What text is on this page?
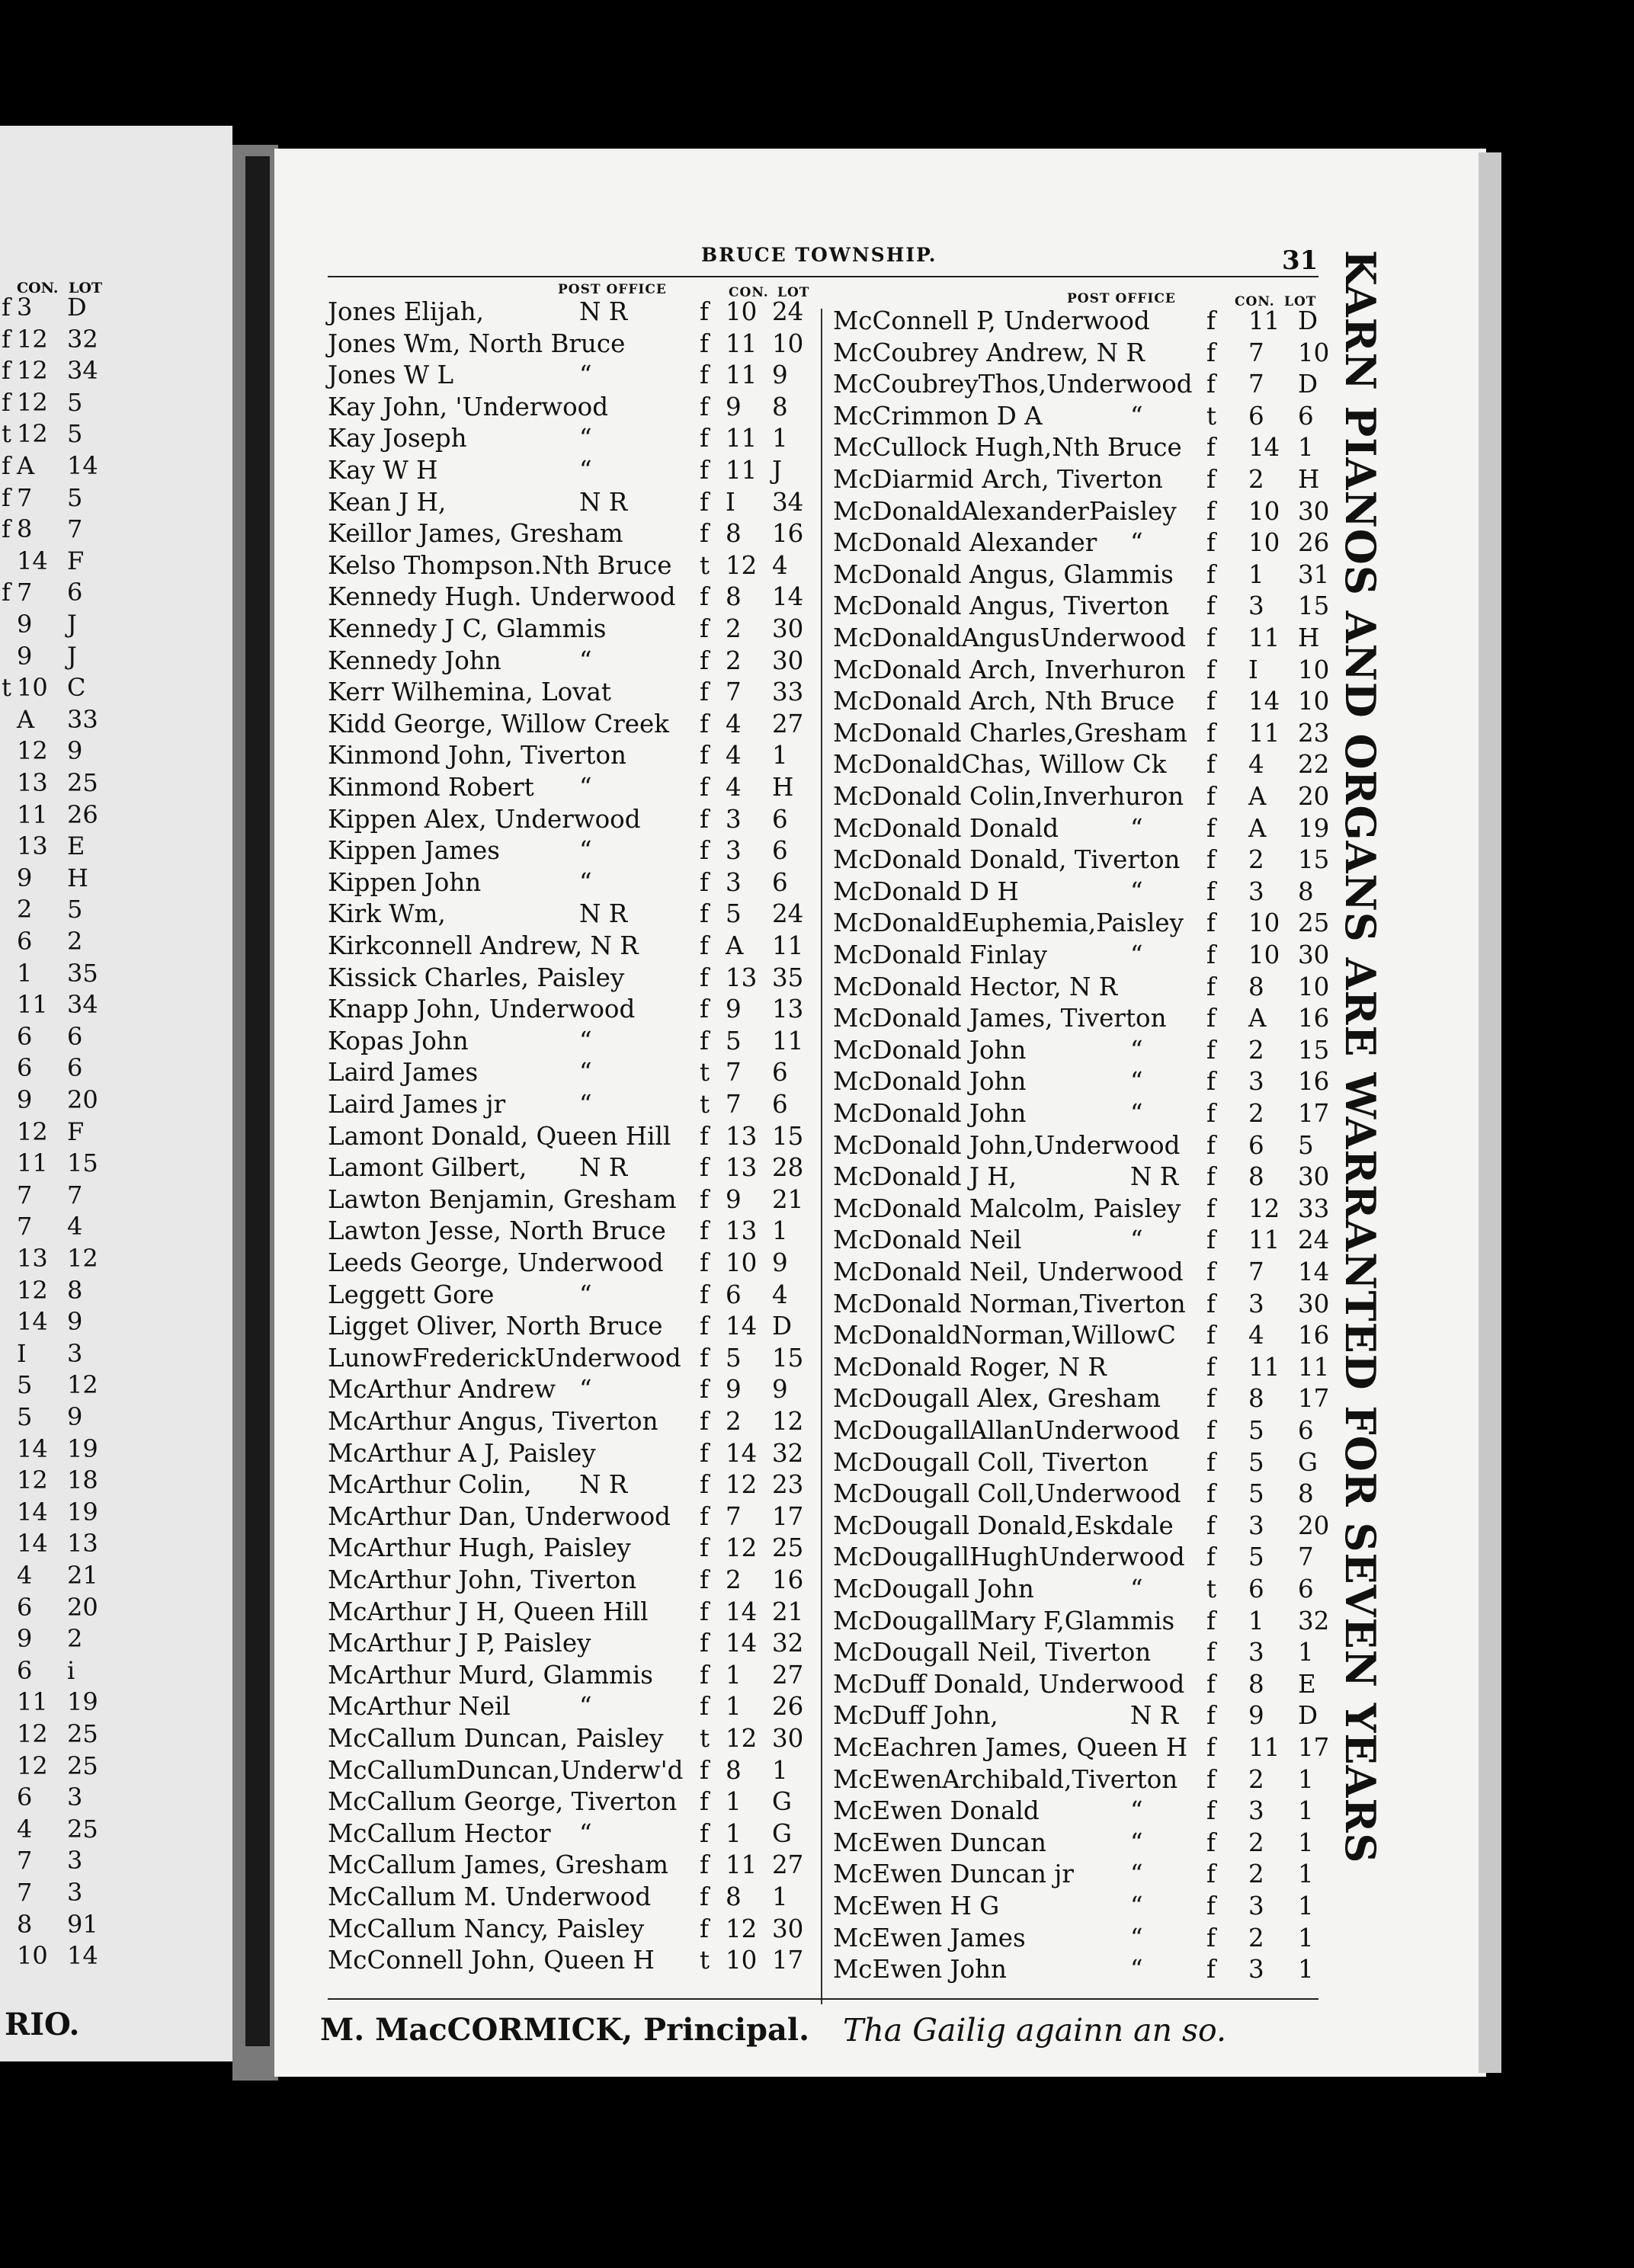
CON. LOT
f 3 D
f 12 32
f 12 34
f 12 5
t 12 5
f A 14
f 7 5
f 8 7
14 F
f 7 6
9 J
9 J
t 10 C
A 33
12 9
13 25
11 26
13 E
9 H
2 5
6 2
1 35
11 34
6 6
6 6
9 20
12 F
11 15
7 7
7 4
13 12
12 8
14 9
I 3
5 12
5 9
14 19
12 18
14 19
14 13
4 21
6 20
9 2
6 i
11 19
12 25
12 25
6 3
4 25
7 3
7 3
8 91
10 14
RIO.
BRUCE TOWNSHIP.	31
POST OFFICE	CON. LOT	POST OFFICE	CON. LOT
Jones Elijah,	N R	f 10 24
Jones Wm, North Bruce	f 11 10
Jones W L	“	f 11 9
Kay John, 'Underwood	f 9 8
Kay Joseph	“	f 11 1
Kay W H	“	f 11 J
Kean J H,	N R	f I 34
Keillor James, Gresham	f 8 16
Kelso Thompson.Nth Bruce t 12 4
Kennedy Hugh. Underwood f 8 14
Kennedy J C, Glammis	f 2 30
Kennedy John	“	f 2 30
Kerr Wilhemina, Lovat	f 7 33
Kidd George, Willow Creek f 4 27
Kinmond John, Tiverton	f 4 1
Kinmond Robert “	f 4 H
Kippen Alex, Underwood f 3 6
Kippen James	“	f 3 6
Kippen John	“	f 3 6
Kirk Wm,	N R	f 5 24
Kirkconnell Andrew, N R f A 11
Kissick Charles, Paisley	f 13 35
Knapp John, Underwood	f 9 13
Kopas John	“	f 5 11
Laird James	“	t 7 6
Laird James jr	“	t 7 6
Lamont Donald, Queen Hill f 13 15
Lamont Gilbert, N R	f 13 28
Lawton Benjamin, Gresham f 9 21
Lawton Jesse, North Bruce f 13 1
Leeds George, Underwood f 10 9
Leggett Gore	“	f 6 4
Ligget Oliver, North Bruce f 14 D
LunowFrederickUnderwood f 5 15
McArthur Andrew “	f 9 9
McArthur Angus, Tiverton f 2 12
McArthur A J, Paisley	f 14 32
McArthur Colin, N R	f 12 23
McArthur Dan, Underwood f 7 17
McArthur Hugh, Paisley	f 12 25
McArthur John, Tiverton	f 2 16
McArthur J H, Queen Hill f 14 21
McArthur J P, Paisley	f 14 32
McArthur Murd, Glammis f 1 27
McArthur Neil	“	f 1 26
McCallum Duncan, Paisley t 12 30
McCallumDuncan,Underw'd f 8 1
McCallum George, Tiverton f 1 G
McCallum Hector “	f 1 G
McCallum James, Gresham f 11 27
McCallum M. Underwood f 8 1
McCallum Nancy, Paisley f 12 30
McConnell John, Queen H t 10 17
McConnell P, Underwood f 11 D
McCoubrey Andrew, N R f 7 10
McCoubreyThos,Underwood f 7 D
McCrimmon D A	“	t 6 6
McCullock Hugh,Nth Bruce f 14 1
McDiarmid Arch, Tiverton f 2 H
McDonaldAlexanderPaisley f 10 30
McDonald Alexander “	f 10 26
McDonald Angus, Glammis f 1 31
McDonald Angus, Tiverton f 3 15
McDonaldAngusUnderwood f 11 H
McDonald Arch, Inverhuron f I 10
McDonald Arch, Nth Bruce f 14 10
McDonald Charles,Gresham f 11 23
McDonaldChas, Willow Ck f 4 22
McDonald Colin,Inverhuron f A 20
McDonald Donald	“	f A 19
McDonald Donald, Tiverton f 2 15
McDonald D H	“	f 3 8
McDonaldEuphemia,Paisley f 10 25
McDonald Finlay	“	f 10 30
McDonald Hector, N R	f 8 10
McDonald James, Tiverton f A 16
McDonald John	“	f 2 15
McDonald John	“	f 3 16
McDonald John	“	f 2 17
McDonald John,Underwood f 6 5
McDonald J H,	N R f 8 30
McDonald Malcolm, Paisley f 12 33
McDonald Neil	“	f 11 24
McDonald Neil, Underwood f 7 14
McDonald Norman,Tiverton f 3 30
McDonaldNorman,WillowC f 4 16
McDonald Roger, N R	f 11 11
McDougall Alex, Gresham f 8 17
McDougallAllanUnderwood f 5 6
McDougall Coll, Tiverton f 5 G
McDougall Coll,Underwood f 5 8
McDougall Donald,Eskdale f 3 20
McDougallHughUnderwood f 5 7
McDougall John	“	t 6 6
McDougallMary F,Glammis f 1 32
McDougall Neil, Tiverton f 3 1
McDuff Donald, Underwood f 8 E
McDuff John,	N R f 9 D
McEachren James, Queen H f 11 17
McEwenArchibald,Tiverton f 2 1
McEwen Donald	“	f 3 1
McEwen Duncan	“	f 2 1
McEwen Duncan jr “	f 2 1
McEwen H G	“	f 3 1
McEwen James	“	f 2 1
McEwen John	“	f 3 1
KARN PIANOS AND ORGANS ARE WARRANTED FOR SEVEN YEARS
M. MacCORMICK, Principal. Tha Gailig againn an so.
